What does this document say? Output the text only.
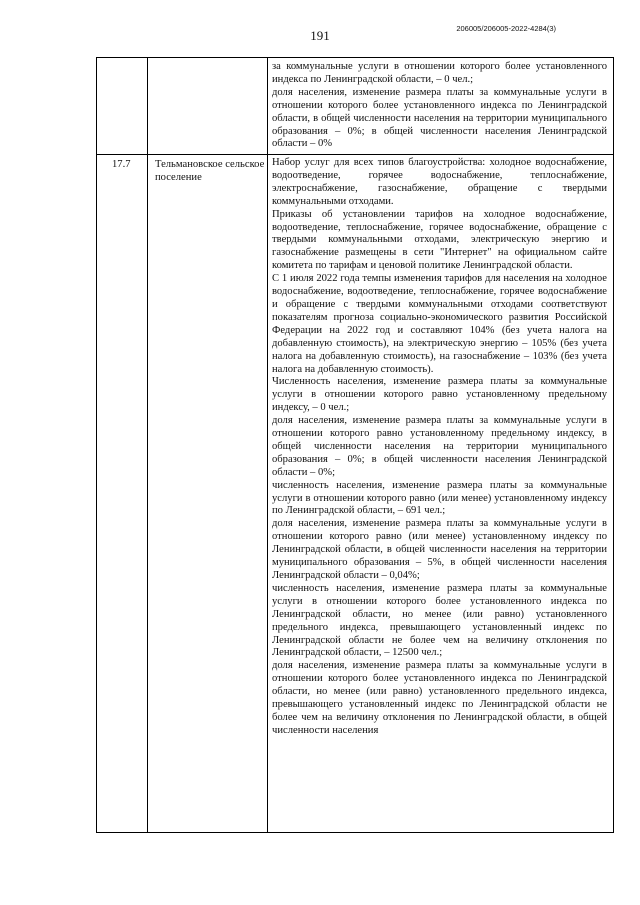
191	206005/206005-2022-4284(3)

за коммунальные услуги в отношении которого более установленного индекса по Ленинградской области, – 0 чел.;

доля населения, изменение размера платы за коммунальные услуги в отношении которого более установленного индекса по Ленинградской области, в общей численности населения на территории муниципального образования – 0%; в общей численности населения Ленинградской области – 0%

17.7 Тельмановское сельское поселение

Набор услуг для всех типов благоустройства: холодное водоснабжение, водоотведение, горячее водоснабжение, теплоснабжение, электроснабжение, газоснабжение, обращение с твердыми коммунальными отходами.

Приказы об установлении тарифов на холодное водоснабжение, водоотведение, теплоснабжение, горячее водоснабжение, обращение с твердыми коммунальными отходами, электрическую энергию и газоснабжение размещены в сети "Интернет" на официальном сайте комитета по тарифам и ценовой политике Ленинградской области.

С 1 июля 2022 года темпы изменения тарифов для населения на холодное водоснабжение, водоотведение, теплоснабжение, горячее водоснабжение и обращение с твердыми коммунальными отходами соответствуют показателям прогноза социально-экономического развития Российской Федерации на 2022 год и составляют 104% (без учета налога на добавленную стоимость), на электрическую энергию – 105% (без учета налога на добавленную стоимость), на газоснабжение – 103% (без учета налога на добавленную стоимость).

Численность населения, изменение размера платы за коммунальные услуги в отношении которого равно установленному предельному индексу, – 0 чел.;

доля населения, изменение размера платы за коммунальные услуги в отношении которого равно установленному предельному индексу, в общей численности населения на территории муниципального образования – 0%; в общей численности населения Ленинградской области – 0%;

численность населения, изменение размера платы за коммунальные услуги в отношении которого равно (или менее) установленному индексу по Ленинградской области, – 691 чел.;

доля населения, изменение размера платы за коммунальные услуги в отношении которого равно (или менее) установленному индексу по Ленинградской области, в общей численности населения на территории муниципального образования – 5%, в общей численности населения Ленинградской области – 0,04%;

численность населения, изменение размера платы за коммунальные услуги в отношении которого более установленного индекса по Ленинградской области, но менее (или равно) установленного предельного индекса, превышающего установленный индекс по Ленинградской области не более чем на величину отклонения по Ленинградской области, – 12500 чел.;

доля населения, изменение размера платы за коммунальные услуги в отношении которого более установленного индекса по Ленинградской области, но менее (или равно) установленного предельного индекса, превышающего установленный индекс по Ленинградской области не более чем на величину отклонения по Ленинградской области, в общей численности населения
